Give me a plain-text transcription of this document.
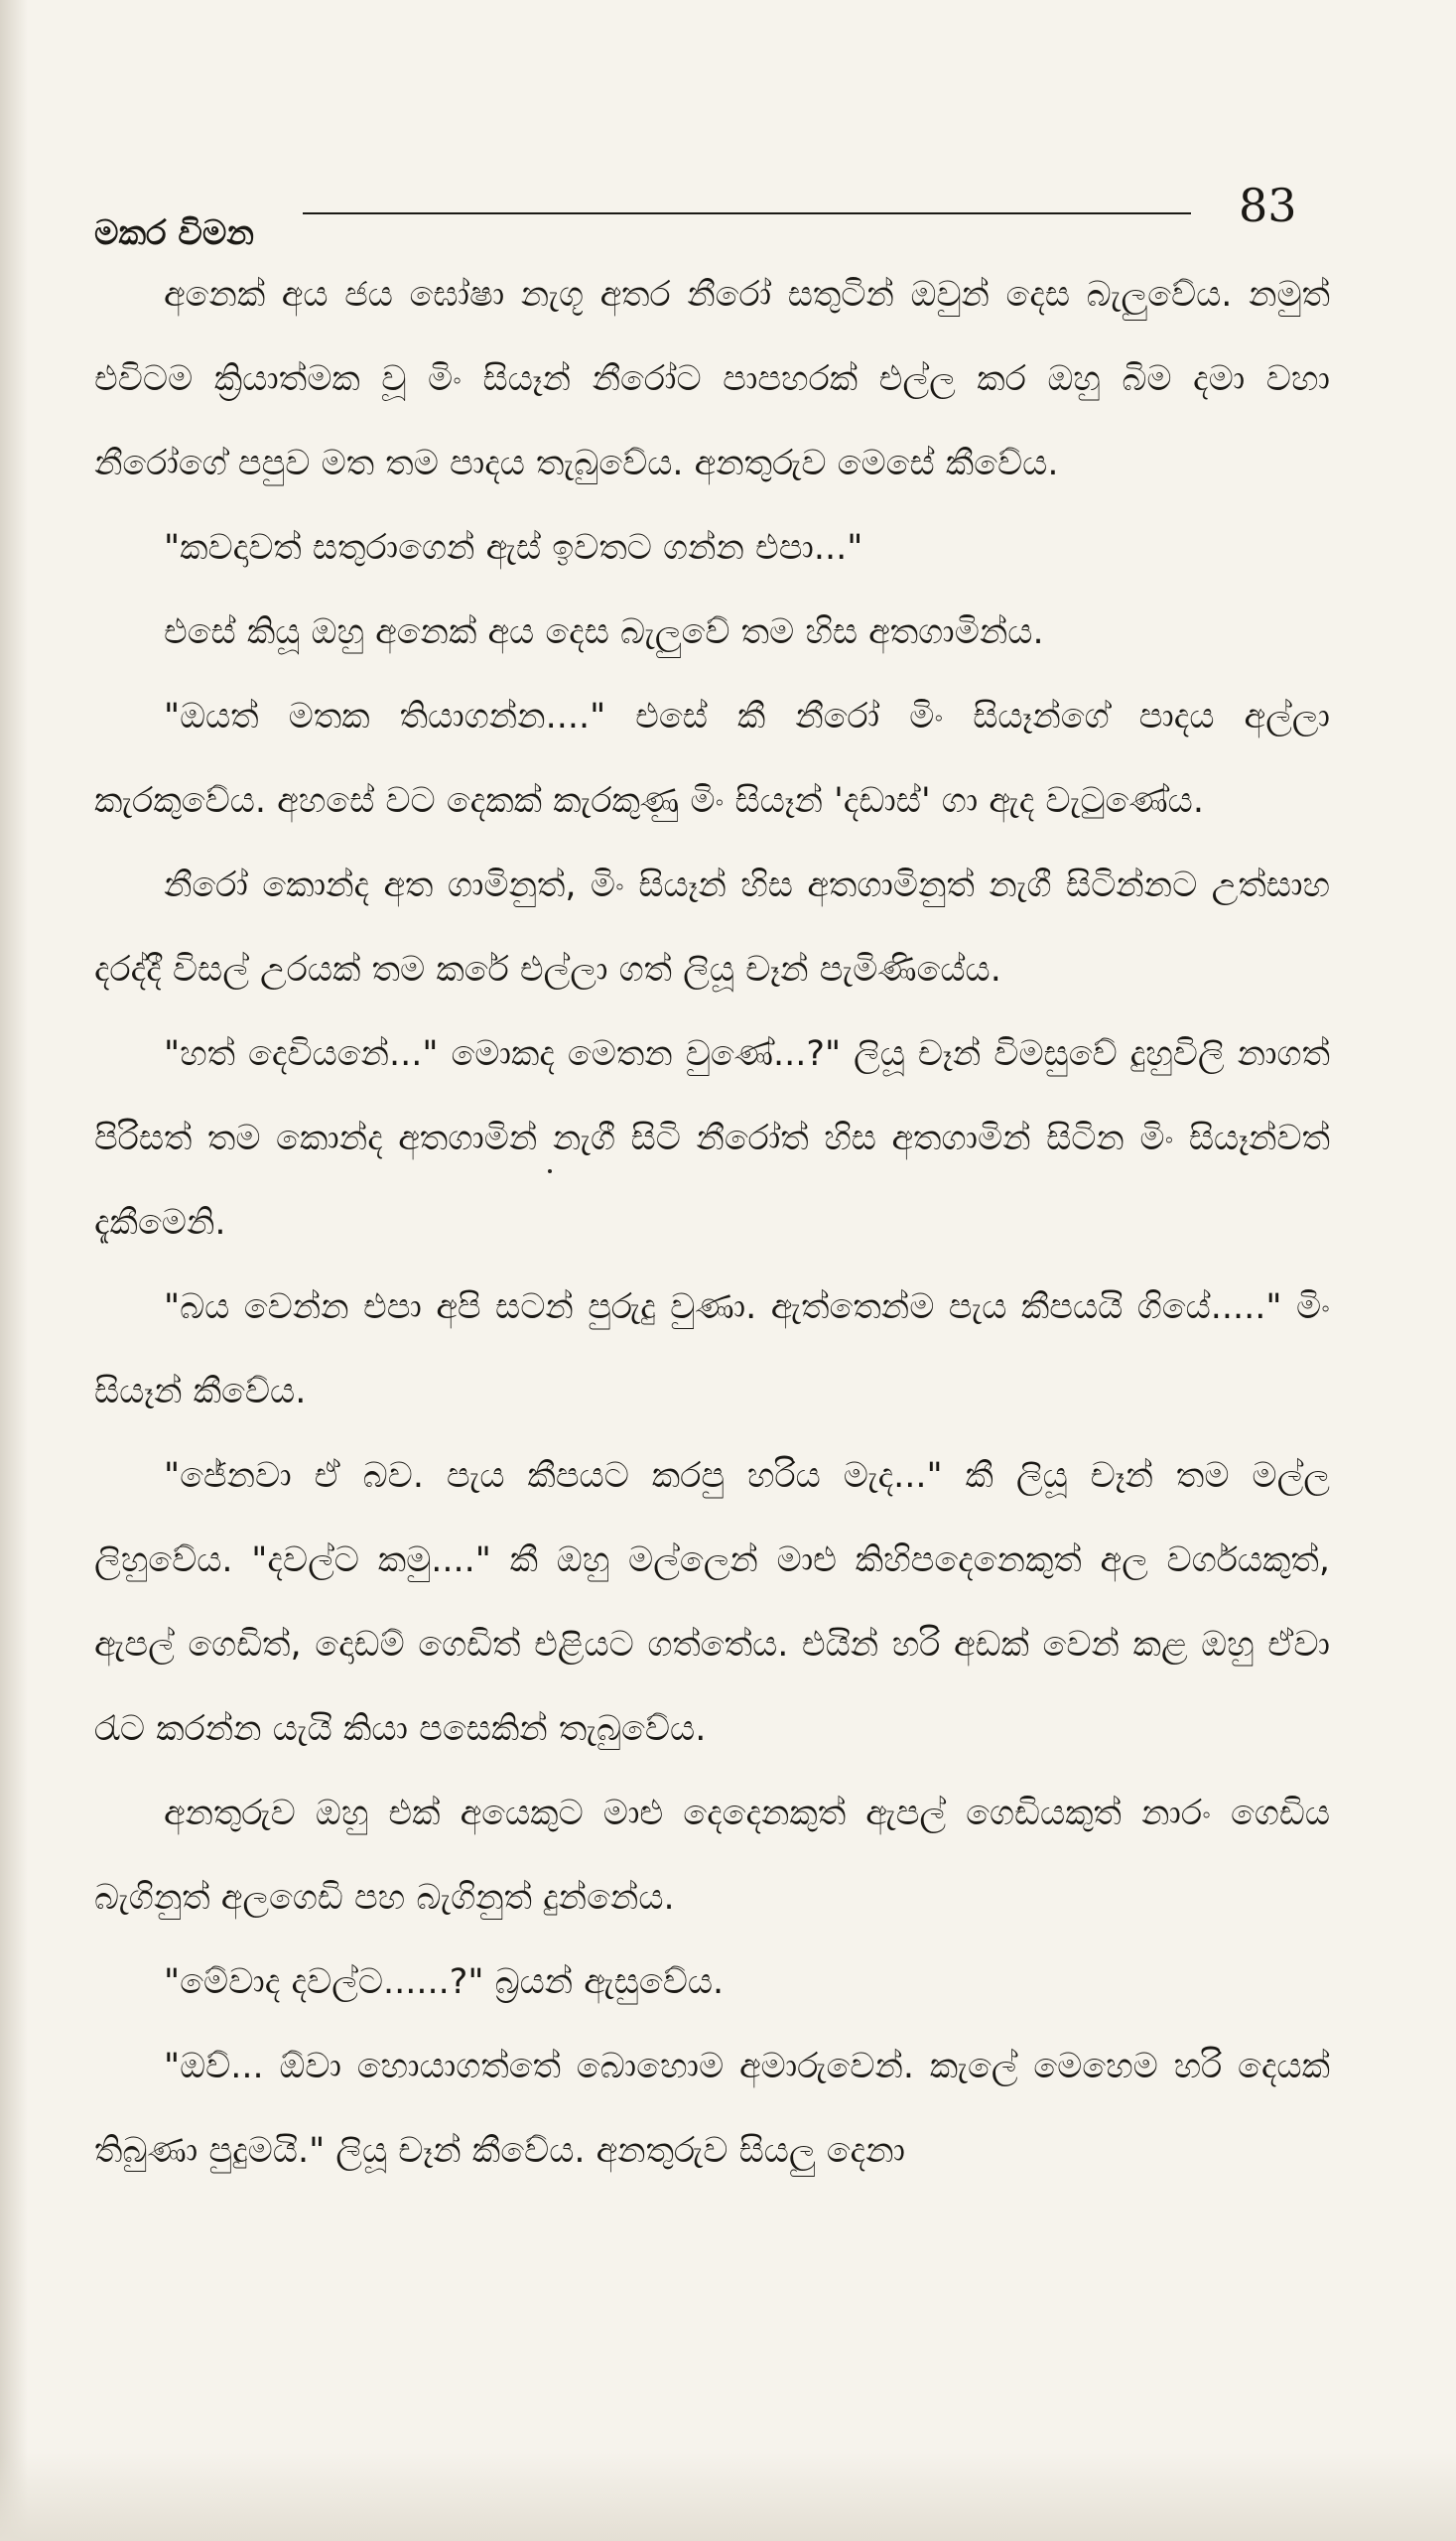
මකර විමන
83

අනෙක් අය ජය ඝෝෂා නැගූ අතර නීරෝ සතුටින් ඔවුන් දෙස බැලුවේය. නමුත් එවිටම ක්‍රියාත්මක වූ මිං සියෑන් නීරෝට පාපහරක් එල්ල කර ඔහු බිම දමා වහා නීරෝගේ පපුව මත තම පාදය තැබුවේය. අනතුරුව මෙසේ කීවේය.

"කවදාවත් සතුරාගෙන් ඇස් ඉවතට ගන්න එපා..."

එසේ කියූ ඔහු අනෙක් අය දෙස බැලුවේ තම හිස අතගාමින්ය.

"ඔයත් මතක තියාගන්න...." එසේ කී නීරෝ මිං සියෑන්ගේ පාදය අල්ලා කැරකුවේය. අහසේ වට දෙකක් කැරකුණු මිං සියෑන් 'දඩාස්' ගා ඇද වැටුණේය.

නීරෝ කොන්ද අත ගාමිනුත්, මිං සියෑන් හිස අතගාමිනුත් නැගී සිටින්නට උත්සාහ දරද්දී විසල් උරයක් තම කරේ එල්ලා ගත් ලියූ චෑන් පැමිණියේය.

"හත් දෙවියනේ..." මොකද මෙතන වුණේ...?" ලියූ චෑන් විමසුවේ දුහුවිලි නාගත් පිරිසත් තම කොන්ද අතගාමින් නැගී සිටි නීරෝත් හිස අතගාමින් සිටින මිං සියෑන්වත් දැකීමෙනි.

"බය වෙන්න එපා අපි සටන් පුරුදු වුණා. ඇත්තෙන්ම පැය කීපයයි ගියේ....." මිං සියෑන් කීවේය.

"ජේනවා ඒ බව. පැය කීපයට කරපු හරිය මැද..." කී ලියූ චෑන් තම මල්ල ලිහුවේය. "දවල්ට කමු...." කී ඔහු මල්ලෙන් මාළු කිහිපදෙනෙකුත් අල වර්ගයකුත්, ඇපල් ගෙඩිත්, දොඩම් ගෙඩිත් එළියට ගත්තේය. එයින් හරි අඩක් වෙන් කළ ඔහු ඒවා රැට කරන්න යැයි කියා පසෙකින් තැබුවේය.

අනතුරුව ඔහු එක් අයෙකුට මාළු දෙදෙනකුත් ඇපල් ගෙඩියකුත් නාරං ගෙඩිය බැගිනුත් අලගෙඩි පහ බැගිනුත් දුන්නේය.

"මේවාද දවල්ට......?" බ්‍රයන් ඇසුවේය.

"ඔව්... ඕවා හොයාගත්තේ බොහොම අමාරුවෙන්. කැලේ මෙහෙම හරි දෙයක් තිබුණා පුදුමයි." ලියූ චෑන් කීවේය. අනතුරුව සියලු දෙනා
